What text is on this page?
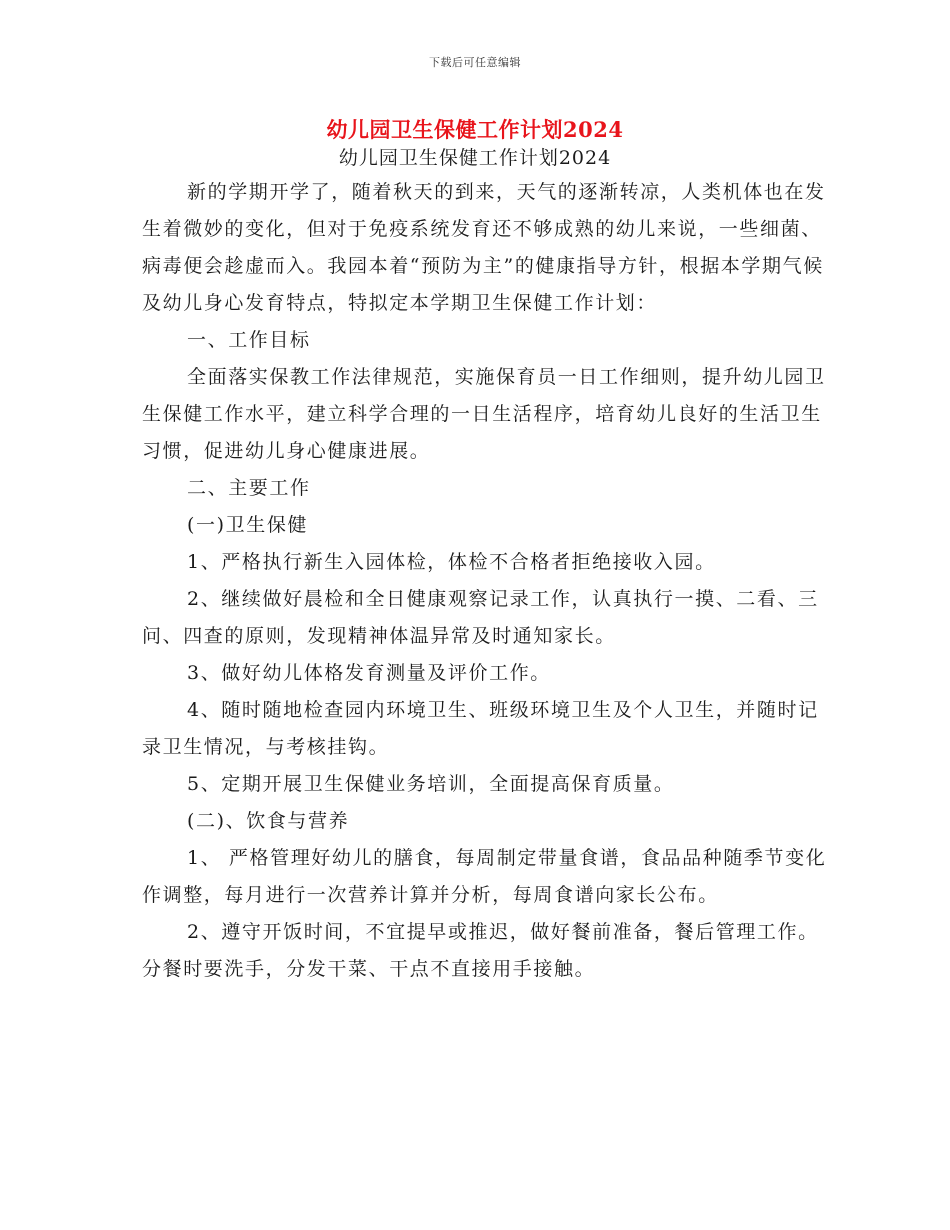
下载后可任意编辑
幼儿园卫生保健工作计划2024
幼儿园卫生保健工作计划2024

新的学期开学了，随着秋天的到来，天气的逐渐转凉，人类机体也在发生着微妙的变化，但对于免疫系统发育还不够成熟的幼儿来说，一些细菌、病毒便会趁虚而入。我园本着“预防为主”的健康指导方针，根据本学期气候及幼儿身心发育特点，特拟定本学期卫生保健工作计划：

一、工作目标

全面落实保教工作法律规范，实施保育员一日工作细则，提升幼儿园卫生保健工作水平，建立科学合理的一日生活程序，培育幼儿良好的生活卫生习惯，促进幼儿身心健康进展。

二、主要工作

(一)卫生保健

1、严格执行新生入园体检，体检不合格者拒绝接收入园。

2、继续做好晨检和全日健康观察记录工作，认真执行一摸、二看、三问、四查的原则，发现精神体温异常及时通知家长。

3、做好幼儿体格发育测量及评价工作。

4、随时随地检查园内环境卫生、班级环境卫生及个人卫生，并随时记录卫生情况，与考核挂钩。

5、定期开展卫生保健业务培训，全面提高保育质量。

(二)、饮食与营养

1、 严格管理好幼儿的膳食，每周制定带量食谱，食品品种随季节变化作调整，每月进行一次营养计算并分析，每周食谱向家长公布。

2、遵守开饭时间，不宜提早或推迟，做好餐前准备，餐后管理工作。分餐时要洗手，分发干菜、干点不直接用手接触。
